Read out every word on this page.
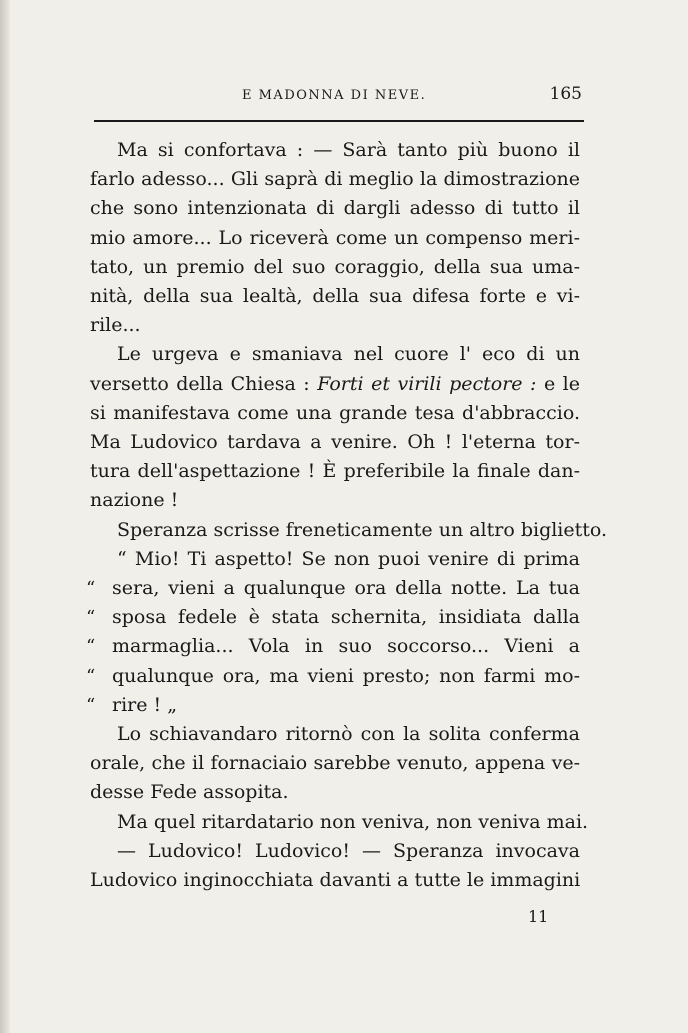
E MADONNA DI NEVE.	165
Ma si confortava : — Sarà tanto più buono il
farlo adesso... Gli saprà di meglio la dimostrazione
che sono intenzionata di dargli adesso di tutto il
mio amore... Lo riceverà come un compenso meri-
tato, un premio del suo coraggio, della sua uma-
nità, della sua lealtà, della sua difesa forte e vi-
rile...
Le urgeva e smaniava nel cuore l' eco di un
versetto della Chiesa : Forti et virili pectore : e le
si manifestava come una grande tesa d'abbraccio.
Ma Ludovico tardava a venire. Oh ! l'eterna tor-
tura dell'aspettazione ! È preferibile la finale dan-
nazione !
Speranza scrisse freneticamente un altro biglietto.
“ Mio! Ti aspetto! Se non puoi venire di prima
“ sera, vieni a qualunque ora della notte. La tua
“ sposa fedele è stata schernita, insidiata dalla
“ marmaglia... Vola in suo soccorso... Vieni a
“ qualunque ora, ma vieni presto; non farmi mo-
“ rire ! „
Lo schiavandaro ritornò con la solita conferma
orale, che il fornaciaio sarebbe venuto, appena ve-
desse Fede assopita.
Ma quel ritardatario non veniva, non veniva mai.
— Ludovico! Ludovico! — Speranza invocava
Ludovico inginocchiata davanti a tutte le immagini
11
